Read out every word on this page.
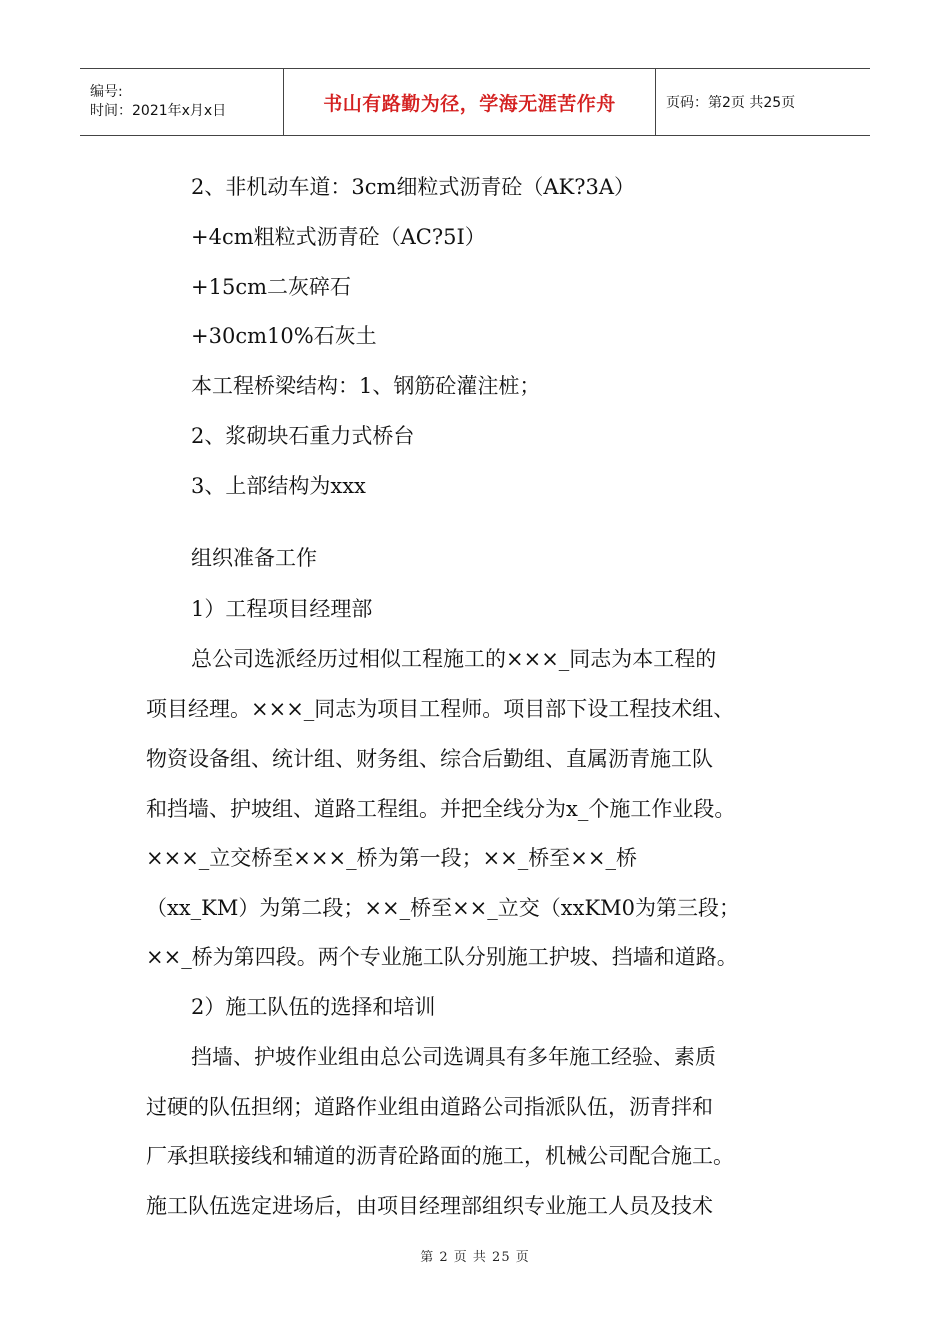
编号:
时间：2021年x月x日	书山有路勤为径，学海无涯苦作舟	页码：第2页 共25页
2、非机动车道：3cm细粒式沥青砼（AK?3A）
+4cm粗粒式沥青砼（AC?5I）
+15cm二灰碎石
+30cm10%石灰土
本工程桥梁结构：1、钢筋砼灌注桩；
2、浆砌块石重力式桥台
3、上部结构为xxx
组织准备工作
1）工程项目经理部
总公司选派经历过相似工程施工的×××_同志为本工程的
项目经理。×××_同志为项目工程师。项目部下设工程技术组、
物资设备组、统计组、财务组、综合后勤组、直属沥青施工队
和挡墙、护坡组、道路工程组。并把全线分为x_个施工作业段。
×××_立交桥至×××_桥为第一段；××_桥至××_桥
（xx_KM）为第二段；××_桥至××_立交（xxKM0为第三段；
××_桥为第四段。两个专业施工队分别施工护坡、挡墙和道路。
2）施工队伍的选择和培训
挡墙、护坡作业组由总公司选调具有多年施工经验、素质
过硬的队伍担纲；道路作业组由道路公司指派队伍，沥青拌和
厂承担联接线和辅道的沥青砼路面的施工，机械公司配合施工。
施工队伍选定进场后，由项目经理部组织专业施工人员及技术
第 2 页 共 25 页
